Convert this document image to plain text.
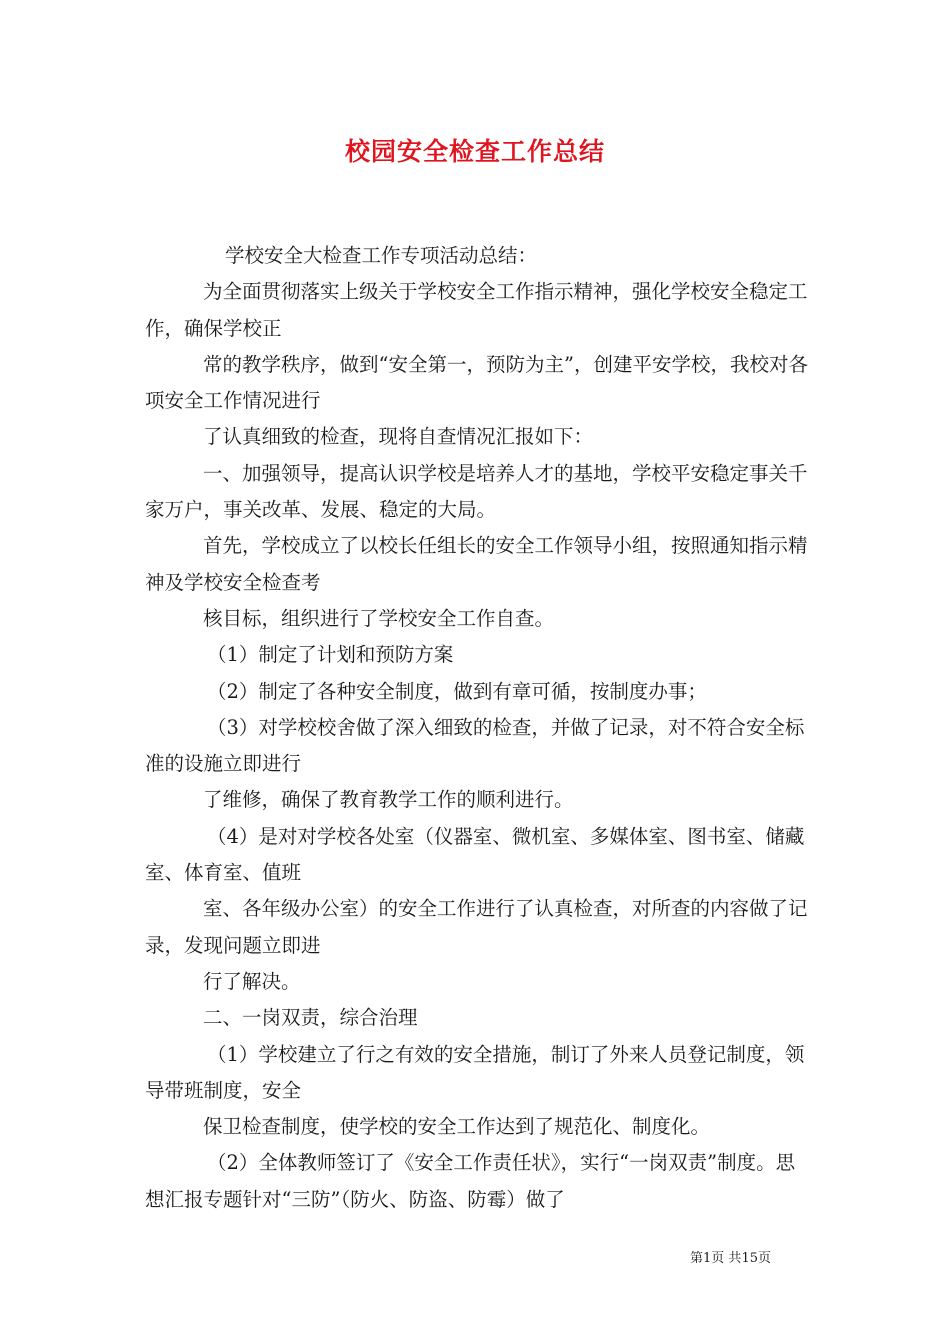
校园安全检查工作总结

学校安全大检查工作专项活动总结：

为全面贯彻落实上级关于学校安全工作指示精神，强化学校安全稳定工作，确保学校正

常的教学秩序，做到“安全第一，预防为主”，创建平安学校，我校对各项安全工作情况进行

了认真细致的检查，现将自查情况汇报如下：

一、加强领导，提高认识学校是培养人才的基地，学校平安稳定事关千家万户，事关改革、发展、稳定的大局。

首先，学校成立了以校长任组长的安全工作领导小组，按照通知指示精神及学校安全检查考

核目标，组织进行了学校安全工作自查。

（1）制定了计划和预防方案

（2）制定了各种安全制度，做到有章可循，按制度办事；

（3）对学校校舍做了深入细致的检查，并做了记录，对不符合安全标准的设施立即进行

了维修，确保了教育教学工作的顺利进行。

（4）是对对学校各处室（仪器室、微机室、多媒体室、图书室、储藏室、体育室、值班

室、各年级办公室）的安全工作进行了认真检查，对所查的内容做了记录，发现问题立即进

行了解决。

二、一岗双责，综合治理

（1）学校建立了行之有效的安全措施，制订了外来人员登记制度，领导带班制度，安全

保卫检查制度，使学校的安全工作达到了规范化、制度化。

（2）全体教师签订了《安全工作责任状》，实行“一岗双责”制度。思想汇报专题针对“三防”（防火、防盗、防霉）做了

第1页 共15页
